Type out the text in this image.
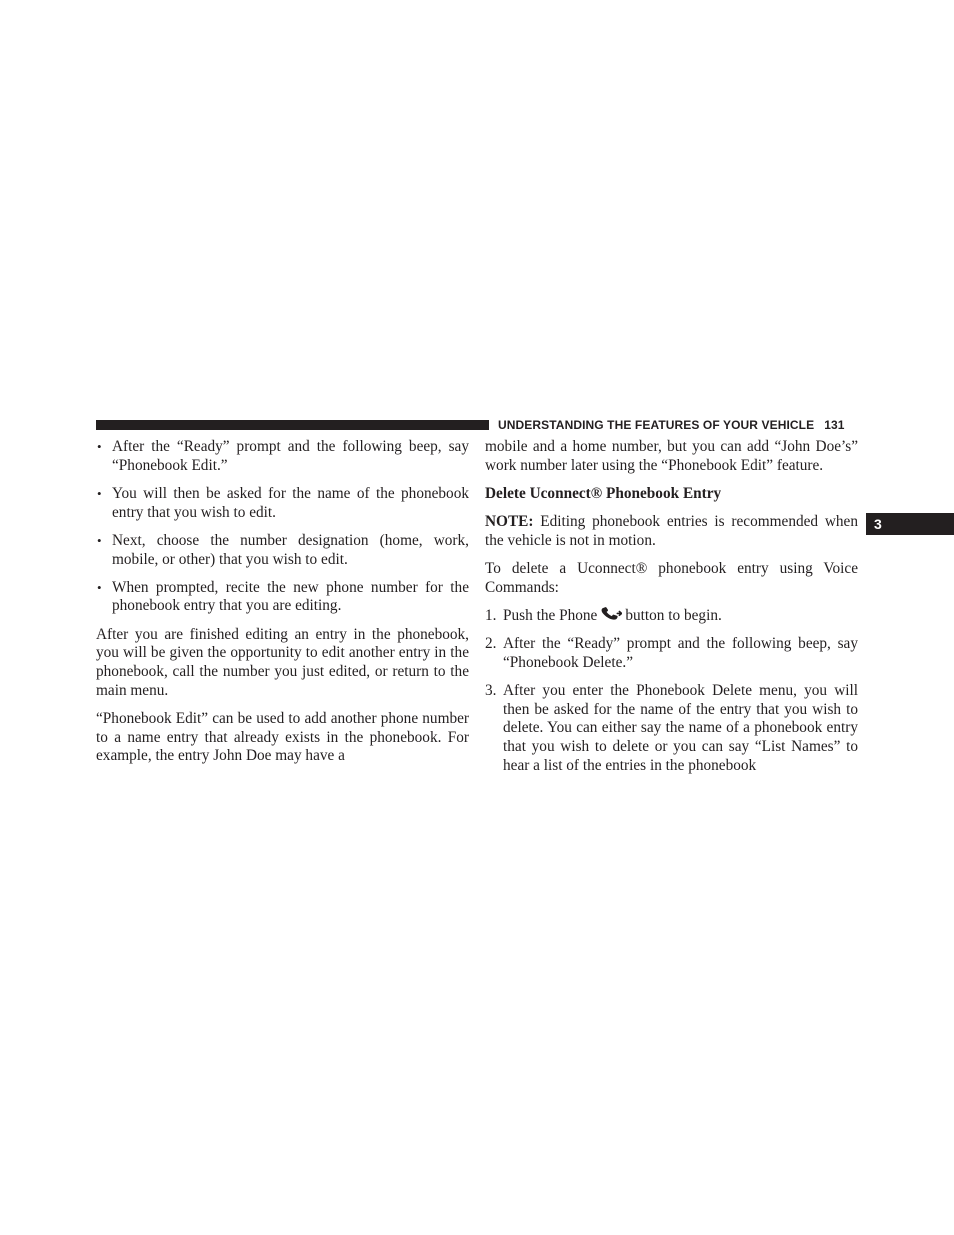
UNDERSTANDING THE FEATURES OF YOUR VEHICLE 131
3
• After the “Ready” prompt and the following beep, say “Phonebook Edit.”
• You will then be asked for the name of the phonebook entry that you wish to edit.
• Next, choose the number designation (home, work, mobile, or other) that you wish to edit.
• When prompted, recite the new phone number for the phonebook entry that you are editing.

After you are finished editing an entry in the phonebook, you will be given the opportunity to edit another entry in the phonebook, call the number you just edited, or return to the main menu.

“Phonebook Edit” can be used to add another phone number to a name entry that already exists in the phonebook. For example, the entry John Doe may have a

mobile and a home number, but you can add “John Doe’s” work number later using the “Phonebook Edit” feature.

Delete Uconnect® Phonebook Entry

NOTE: Editing phonebook entries is recommended when the vehicle is not in motion.

To delete a Uconnect® phonebook entry using Voice Commands:

1. Push the Phone button to begin.
2. After the “Ready” prompt and the following beep, say “Phonebook Delete.”
3. After you enter the Phonebook Delete menu, you will then be asked for the name of the entry that you wish to delete. You can either say the name of a phonebook entry that you wish to delete or you can say “List Names” to hear a list of the entries in the phonebook
